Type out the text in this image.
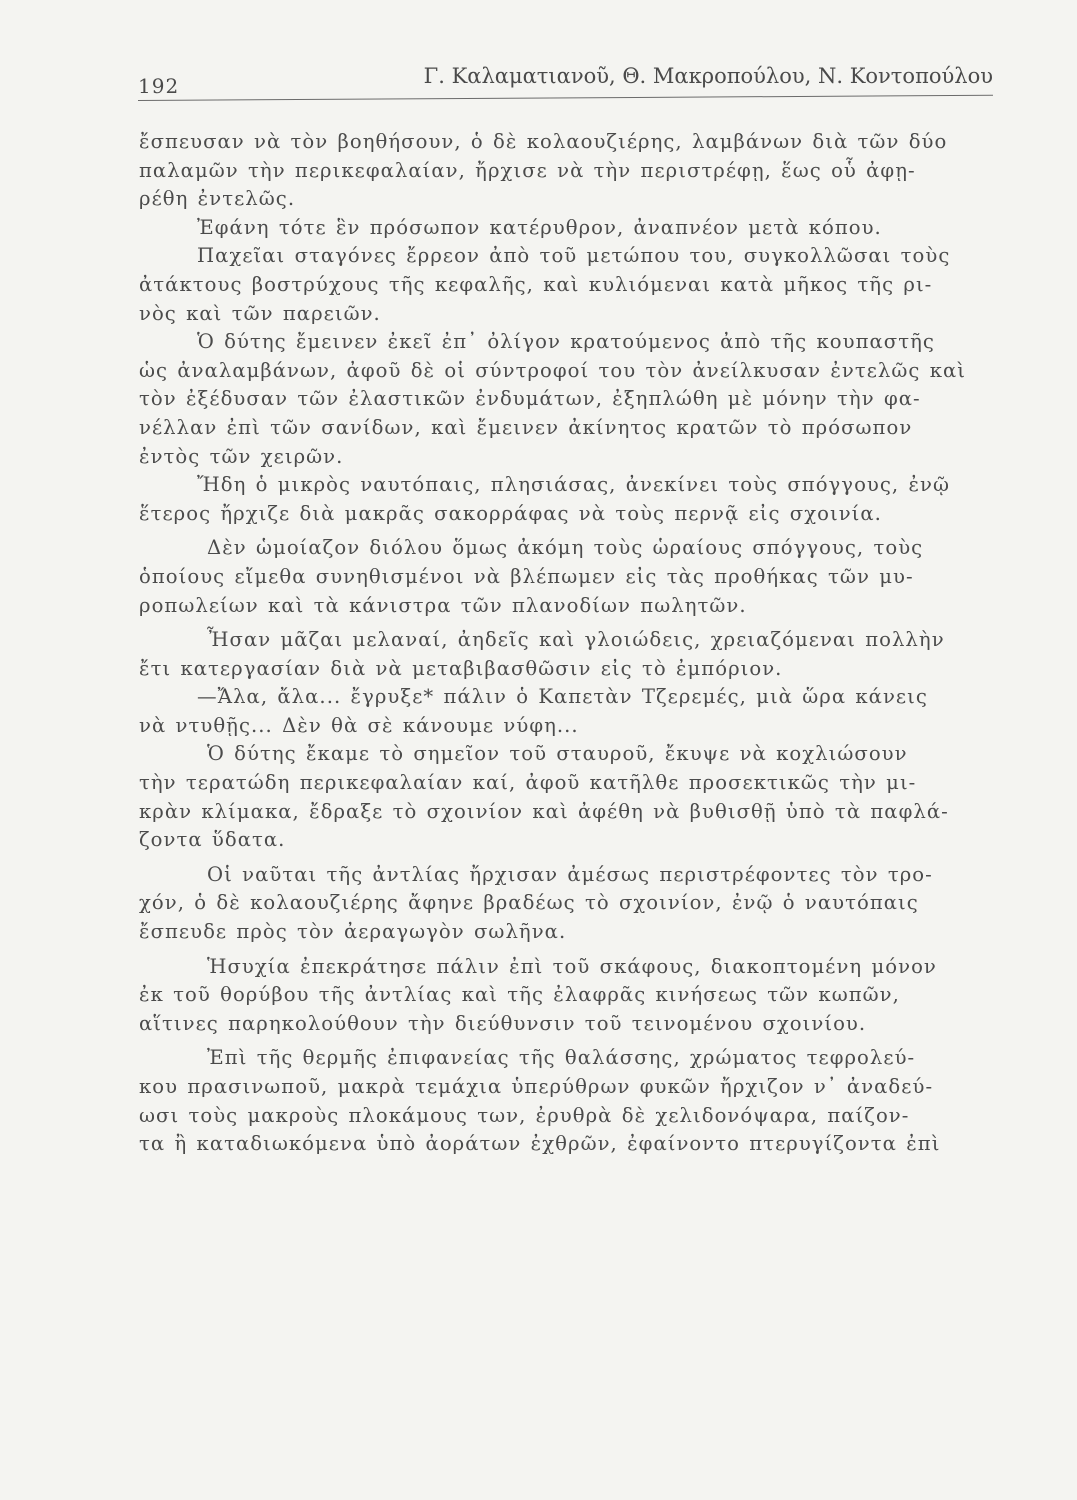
192	Γ. Καλαματιανοῦ, Θ. Μακροπούλου, Ν. Κοντοπούλου
ἔσπευσαν νὰ τὸν βοηθήσουν, ὁ δὲ κολαουζιέρης, λαμβάνων διὰ τῶν δύο
παλαμῶν τὴν περικεφαλαίαν, ἤρχισε νὰ τὴν περιστρέφῃ, ἕως οὗ ἀφῃ-
ρέθη ἐντελῶς.
Ἐφάνη τότε ἓν πρόσωπον κατέρυθρον, ἀναπνέον μετὰ κόπου.
Παχεῖαι σταγόνες ἔρρεον ἀπὸ τοῦ μετώπου του, συγκολλῶσαι τοὺς
ἀτάκτους βοστρύχους τῆς κεφαλῆς, καὶ κυλιόμεναι κατὰ μῆκος τῆς ρι-
νὸς καὶ τῶν παρειῶν.
Ὁ δύτης ἔμεινεν ἐκεῖ ἐπ᾽ ὀλίγον κρατούμενος ἀπὸ τῆς κουπαστῆς
ὡς ἀναλαμβάνων, ἀφοῦ δὲ οἱ σύντροφοί του τὸν ἀνείλκυσαν ἐντελῶς καὶ
τὸν ἐξέδυσαν τῶν ἐλαστικῶν ἐνδυμάτων, ἐξηπλώθη μὲ μόνην τὴν φα-
νέλλαν ἐπὶ τῶν σανίδων, καὶ ἔμεινεν ἀκίνητος κρατῶν τὸ πρόσωπον
ἐντὸς τῶν χειρῶν.
Ἤδη ὁ μικρὸς ναυτόπαις, πλησιάσας, ἀνεκίνει τοὺς σπόγγους, ἐνῷ
ἕτερος ἤρχιζε διὰ μακρᾶς σακορράφας νὰ τοὺς περνᾷ εἰς σχοινία.
Δὲν ὡμοίαζον διόλου ὅμως ἀκόμη τοὺς ὡραίους σπόγγους, τοὺς
ὁποίους εἴμεθα συνηθισμένοι νὰ βλέπωμεν εἰς τὰς προθήκας τῶν μυ-
ροπωλείων καὶ τὰ κάνιστρα τῶν πλανοδίων πωλητῶν.
Ἦσαν μᾶζαι μελαναί, ἀηδεῖς καὶ γλοιώδεις, χρειαζόμεναι πολλὴν
ἔτι κατεργασίαν διὰ νὰ μεταβιβασθῶσιν εἰς τὸ ἐμπόριον.
—Ἄλα, ἄλα... ἔγρυξε* πάλιν ὁ Καπετὰν Τζερεμές, μιὰ ὥρα κάνεις
νὰ ντυθῇς... Δὲν θὰ σὲ κάνουμε νύφη...
Ὁ δύτης ἔκαμε τὸ σημεῖον τοῦ σταυροῦ, ἔκυψε νὰ κοχλιώσουν
τὴν τερατώδη περικεφαλαίαν καί, ἀφοῦ κατῆλθε προσεκτικῶς τὴν μι-
κρὰν κλίμακα, ἔδραξε τὸ σχοινίον καὶ ἀφέθη νὰ βυθισθῇ ὑπὸ τὰ παφλά-
ζοντα ὕδατα.
Οἱ ναῦται τῆς ἀντλίας ἤρχισαν ἀμέσως περιστρέφοντες τὸν τρο-
χόν, ὁ δὲ κολαουζιέρης ἄφηνε βραδέως τὸ σχοινίον, ἐνῷ ὁ ναυτόπαις
ἔσπευδε πρὸς τὸν ἀεραγωγὸν σωλῆνα.
Ἡσυχία ἐπεκράτησε πάλιν ἐπὶ τοῦ σκάφους, διακοπτομένη μόνον
ἐκ τοῦ θορύβου τῆς ἀντλίας καὶ τῆς ἐλαφρᾶς κινήσεως τῶν κωπῶν,
αἵτινες παρηκολούθουν τὴν διεύθυνσιν τοῦ τεινομένου σχοινίου.
Ἐπὶ τῆς θερμῆς ἐπιφανείας τῆς θαλάσσης, χρώματος τεφρολεύ-
κου πρασινωποῦ, μακρὰ τεμάχια ὑπερύθρων φυκῶν ἤρχιζον ν᾽ ἀναδεύ-
ωσι τοὺς μακροὺς πλοκάμους των, ἐρυθρὰ δὲ χελιδονόψαρα, παίζον-
τα ἢ καταδιωκόμενα ὑπὸ ἀοράτων ἐχθρῶν, ἐφαίνοντο πτερυγίζοντα ἐπὶ
